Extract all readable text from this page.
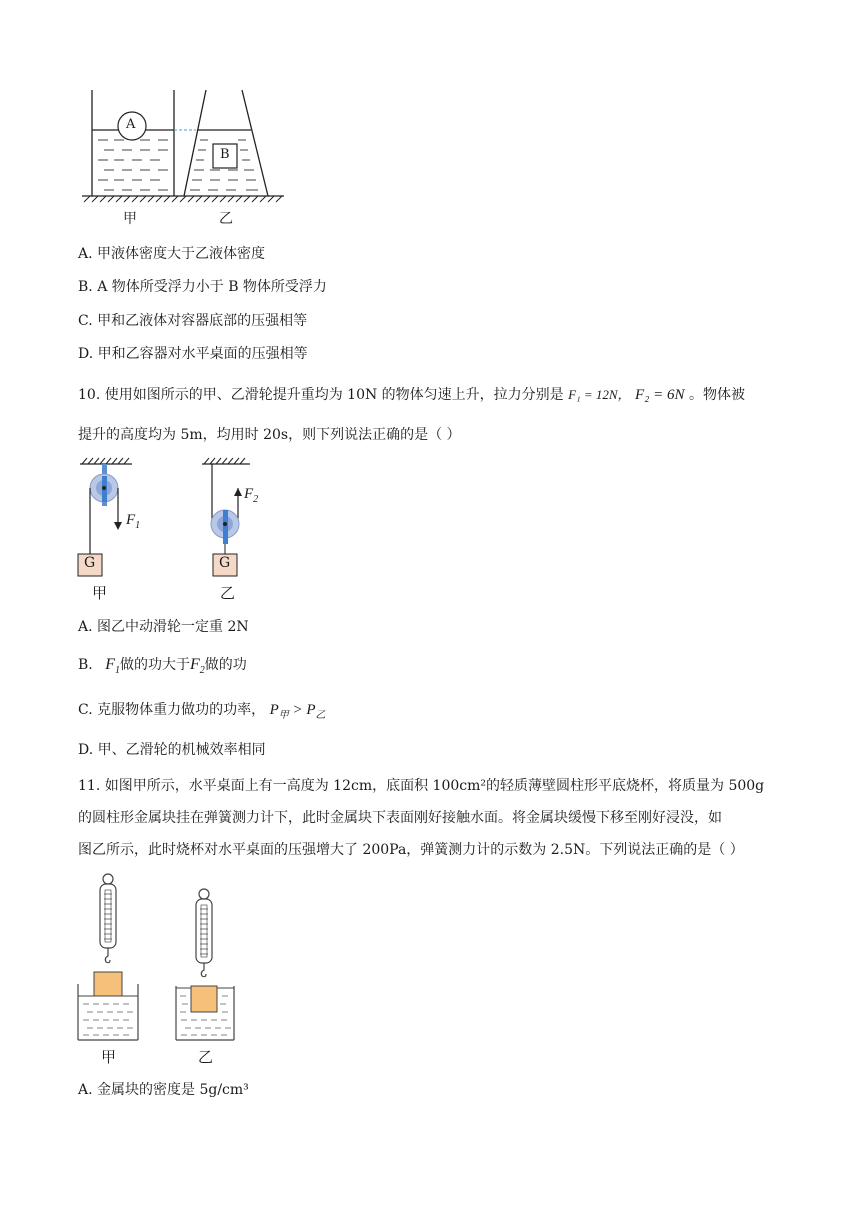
A
B
甲	乙
A. 甲液体密度大于乙液体密度
B. A 物体所受浮力小于 B 物体所受浮力
C. 甲和乙液体对容器底部的压强相等
D. 甲和乙容器对水平桌面的压强相等
10. 使用如图所示的甲、乙滑轮提升重均为 10N 的物体匀速上升，拉力分别是 F₁ = 12N， F₂ = 6N 。物体被
提升的高度均为 5m，均用时 20s，则下列说法正确的是（ ）
G	G
$F_1$
$F_2$
甲	乙
A. 图乙中动滑轮一定重 2N
B. $F_1$做的功大于$F_2$做的功
C. 克服物体重力做功的功率， $P_甲 > P_乙$
D. 甲、乙滑轮的机械效率相同
11. 如图甲所示，水平桌面上有一高度为 12cm，底面积 100cm²的轻质薄壁圆柱形平底烧杯，将质量为 500g
的圆柱形金属块挂在弹簧测力计下，此时金属块下表面刚好接触水面。将金属块缓慢下移至刚好浸没，如
图乙所示，此时烧杯对水平桌面的压强增大了 200Pa，弹簧测力计的示数为 2.5N。下列说法正确的是（ ）
甲	乙
A. 金属块的密度是 5g/cm³
